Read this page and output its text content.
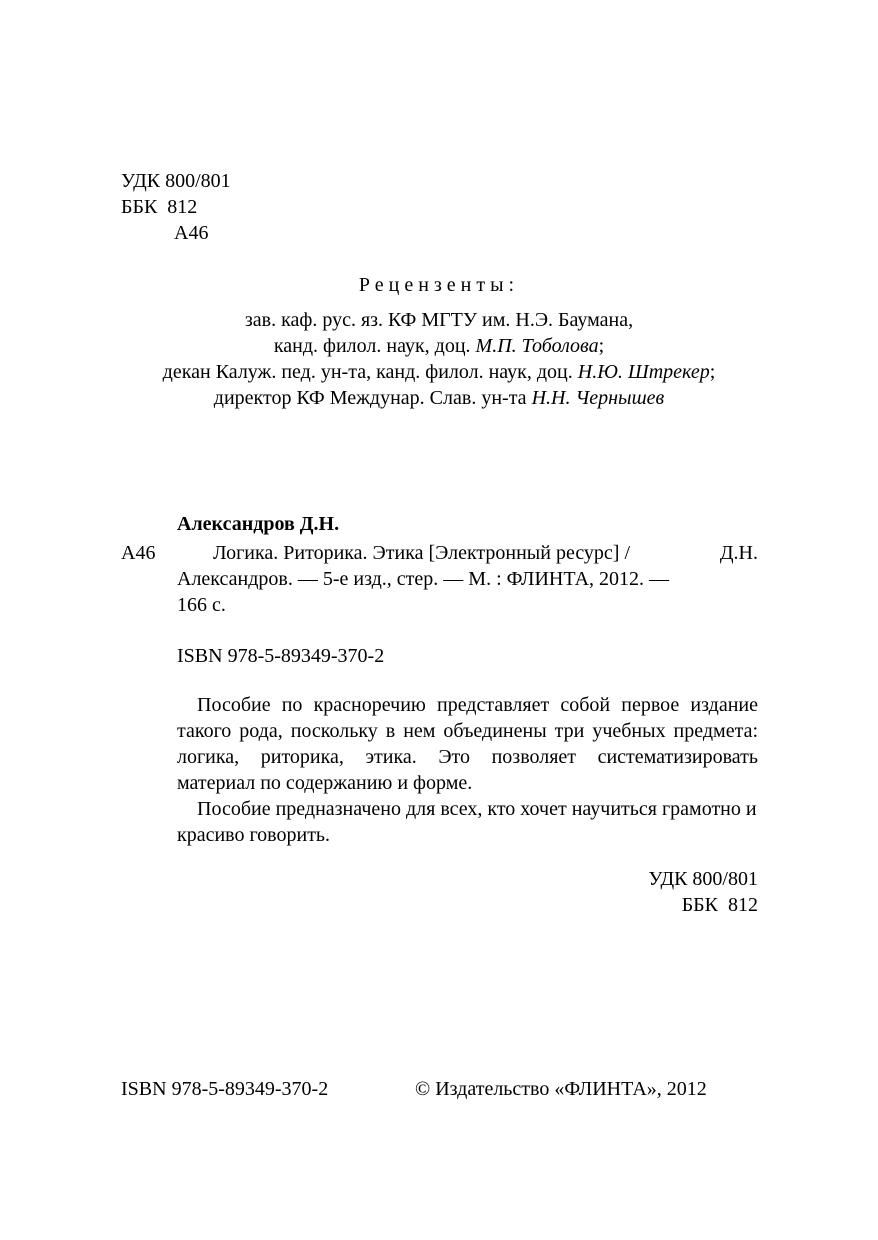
УДК 800/801
ББК  812
А46
Рецензенты:
зав. каф. рус. яз. КФ МГТУ им. Н.Э. Баумана,
канд. филол. наук, доц. М.П. Тоболова;
декан Калуж. пед. ун-та, канд. филол. наук, доц. Н.Ю. Штрекер;
директор КФ Междунар. Слав. ун-та Н.Н. Чернышев
Александров Д.Н.
А46	Логика. Риторика. Этика [Электронный ресурс] /	Д.Н.
Александров. — 5-е изд., стер. — М. : ФЛИНТА, 2012. —
166 с.
ISBN 978-5-89349-370-2
Пособие по красноречию представляет собой первое издание такого рода, поскольку в нем объединены три учебных предмета: логика, риторика, этика. Это позволяет систематизировать материал по содержанию и форме.
Пособие предназначено для всех, кто хочет научиться грамотно и красиво говорить.
УДК 800/801
ББК  812
ISBN 978-5-89349-370-2	© Издательство «ФЛИНТА», 2012
